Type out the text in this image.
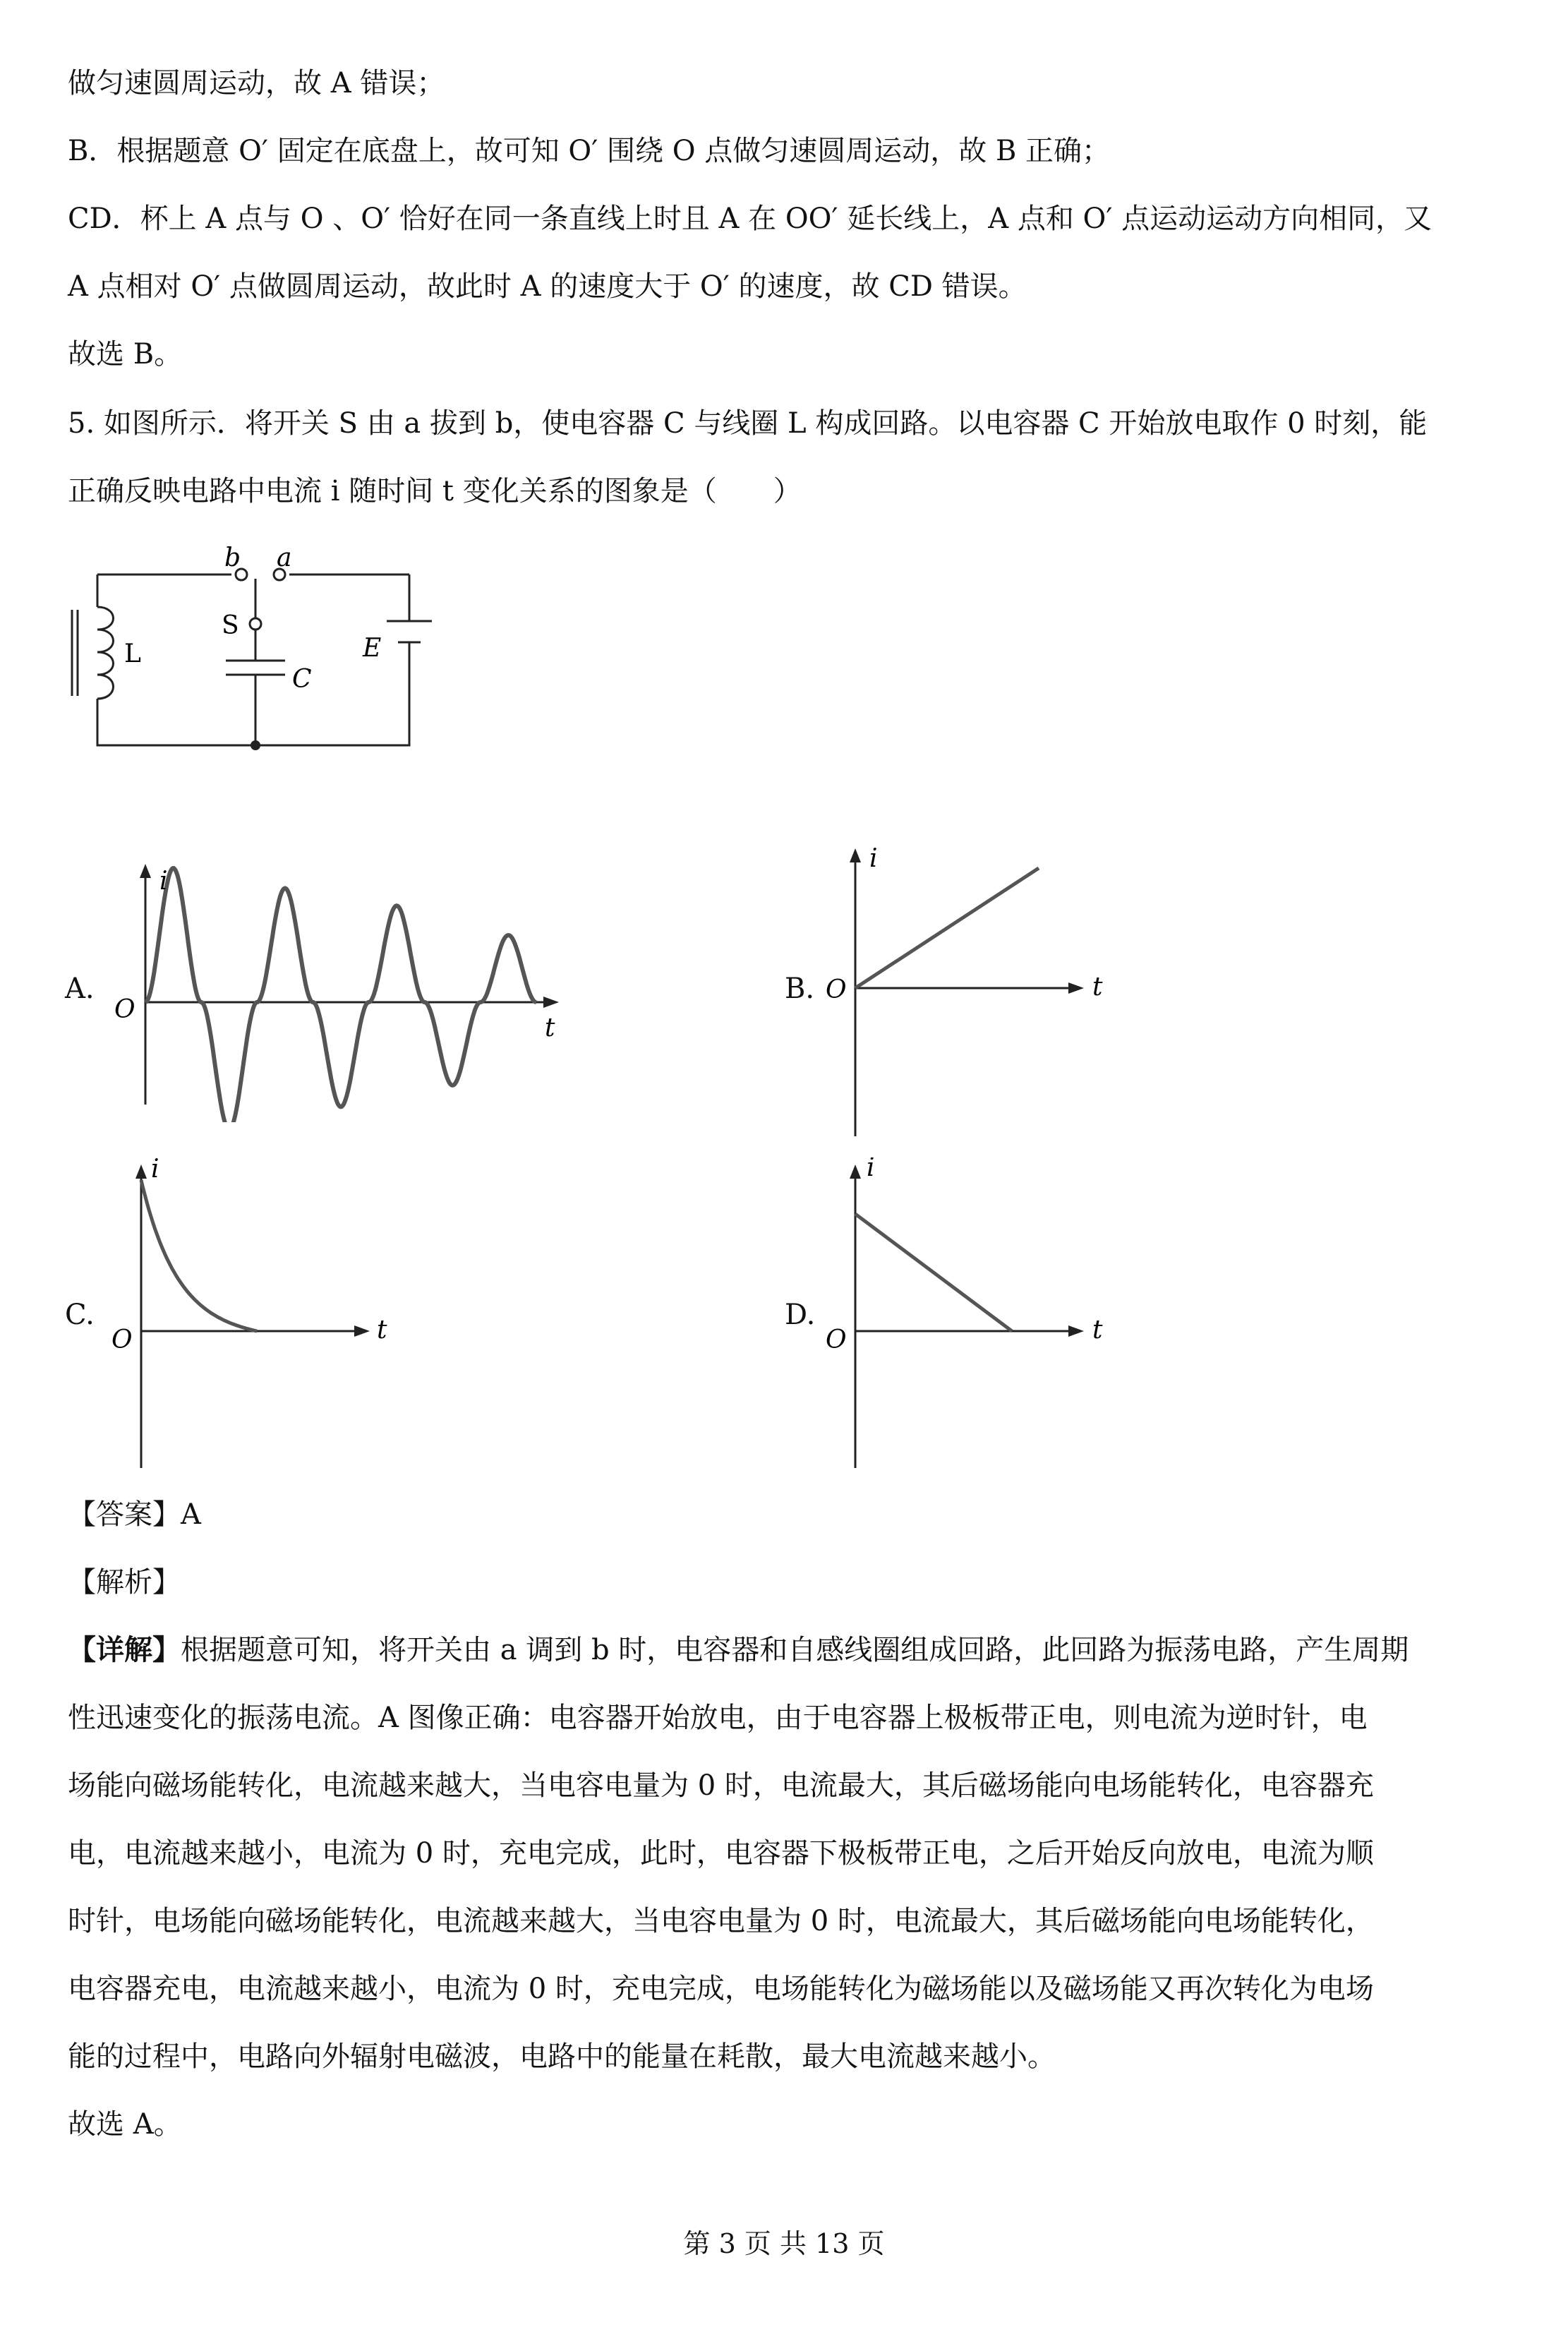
做匀速圆周运动，故 A 错误；
B．根据题意 O′ 固定在底盘上，故可知 O′ 围绕 O 点做匀速圆周运动，故 B 正确；
CD．杯上 A 点与 O 、O′ 恰好在同一条直线上时且 A 在 OO′ 延长线上，A 点和 O′ 点运动运动方向相同，又
A 点相对 O′ 点做圆周运动，故此时 A 的速度大于 O′ 的速度，故 CD 错误。
故选 B。
5. 如图所示．将开关 S 由 a 拔到 b，使电容器 C 与线圈 L 构成回路。以电容器 C 开始放电取作 0 时刻，能
正确反映电路中电流 i 随时间 t 变化关系的图象是（　　）
b a
S
L
C
E
A.	B.
C.	D.
i
O
t
i
O	t
i
O	t
i
O	t
【答案】A
【解析】
【详解】根据题意可知，将开关由 a 调到 b 时，电容器和自感线圈组成回路，此回路为振荡电路，产生周期
性迅速变化的振荡电流。A 图像正确：电容器开始放电，由于电容器上极板带正电，则电流为逆时针，电
场能向磁场能转化，电流越来越大，当电容电量为 0 时，电流最大，其后磁场能向电场能转化，电容器充
电，电流越来越小，电流为 0 时，充电完成，此时，电容器下极板带正电，之后开始反向放电，电流为顺
时针，电场能向磁场能转化，电流越来越大，当电容电量为 0 时，电流最大，其后磁场能向电场能转化，
电容器充电，电流越来越小，电流为 0 时，充电完成，电场能转化为磁场能以及磁场能又再次转化为电场
能的过程中，电路向外辐射电磁波，电路中的能量在耗散，最大电流越来越小。
故选 A。
第 3 页 共 13 页
